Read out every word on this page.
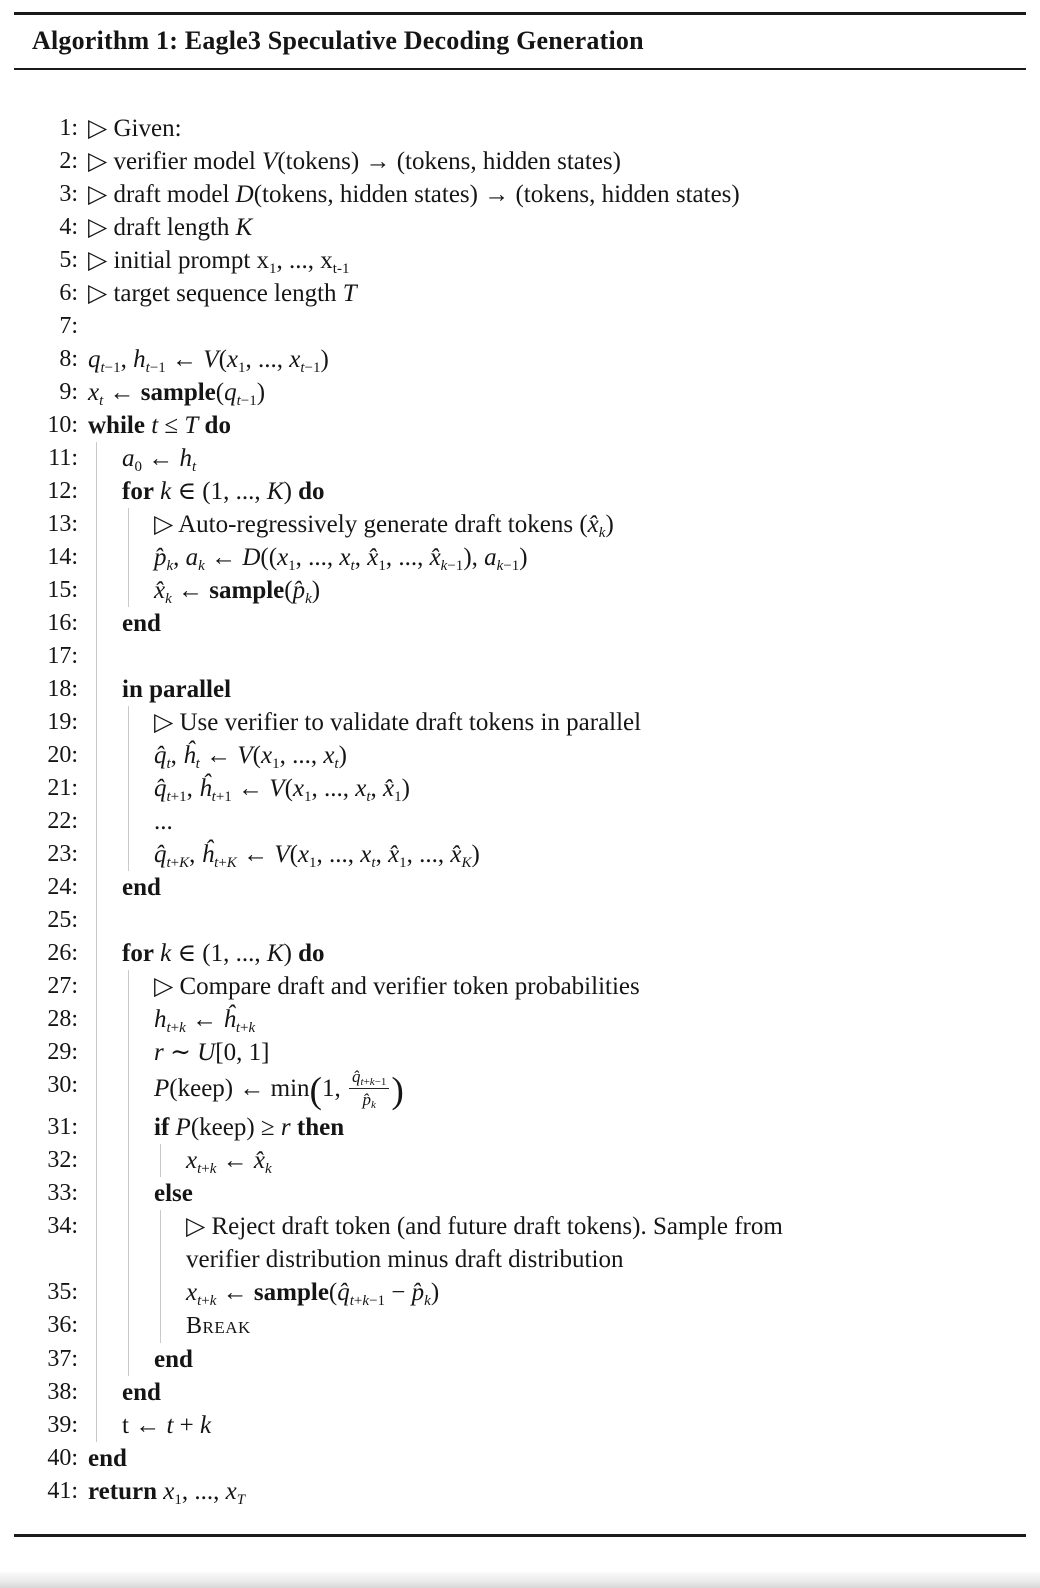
Algorithm 1: Eagle3 Speculative Decoding Generation
1: ▷ Given:
2: ▷ verifier model V(tokens) → (tokens, hidden states)
3: ▷ draft model D(tokens, hidden states) → (tokens, hidden states)
4: ▷ draft length K
5: ▷ initial prompt $x_1$, ..., $x_{t-1}$
6: ▷ target sequence length T
7:
8: $q_{t-1}$, $h_{t-1}$ ← $V(x_1$, ..., $x_{t-1}$)
9: $x_t$ ← $sample(q_{t-1})$
10: while t ≤ T do
11: $a_0$ ← $h_t$
12: for k ∈ (1, ..., K) do
13:	▷ Auto-regressively generate draft tokens $(x̂_k)$
14:	$p̂_k$, $a_k$ ← $D((x_1$, ..., $x_t$, $x̂_1$, ..., $x̂_{k-1}$), $a_{k-1}$)
15:	$x̂_k$ ← $sample(p̂_k)$
16: end
17:
18: in parallel
19:	▷ Use verifier to validate draft tokens in parallel
20:	$q̂_t$, $ĥ_t$ ← $V(x_1$, ..., $x_t$)
21:	$q̂_{t+1}$, $ĥ_{t+1}$ ← $V(x_1$, ..., $x_t$, $x̂_1$)
22:	...
23:	$q̂_{t+K}$, $ĥ_{t+K}$ ← $V(x_1$, ..., $x_t$, $x̂_1$, ..., $x̂_K$)
24: end
25:
26: for k ∈ (1, ..., K) do
27:	▷ Compare draft and verifier token probabilities
28:	$h_{t+k}$ ← $ĥ_{t+k}$
29:	r ∼ U[0, 1]
30:	P(keep) ← min(1, $\frac{q̂_{t+k-1}}{p̂_k}$ )
31:	if P(keep) ≥ r then
32:	$x_{t+k}$ ← $x̂_k$
33:	else
34:	▷ Reject draft token (and future draft tokens). Sample from
verifier distribution minus draft distribution
35:	$x_{t+k}$ ← $sample(q̂_{t+k-1}$ − $p̂_k$)
36:	Break
37:	end
38: end
39: t ← t + k
40: end
41: return $x_1$, ..., $x_T$
